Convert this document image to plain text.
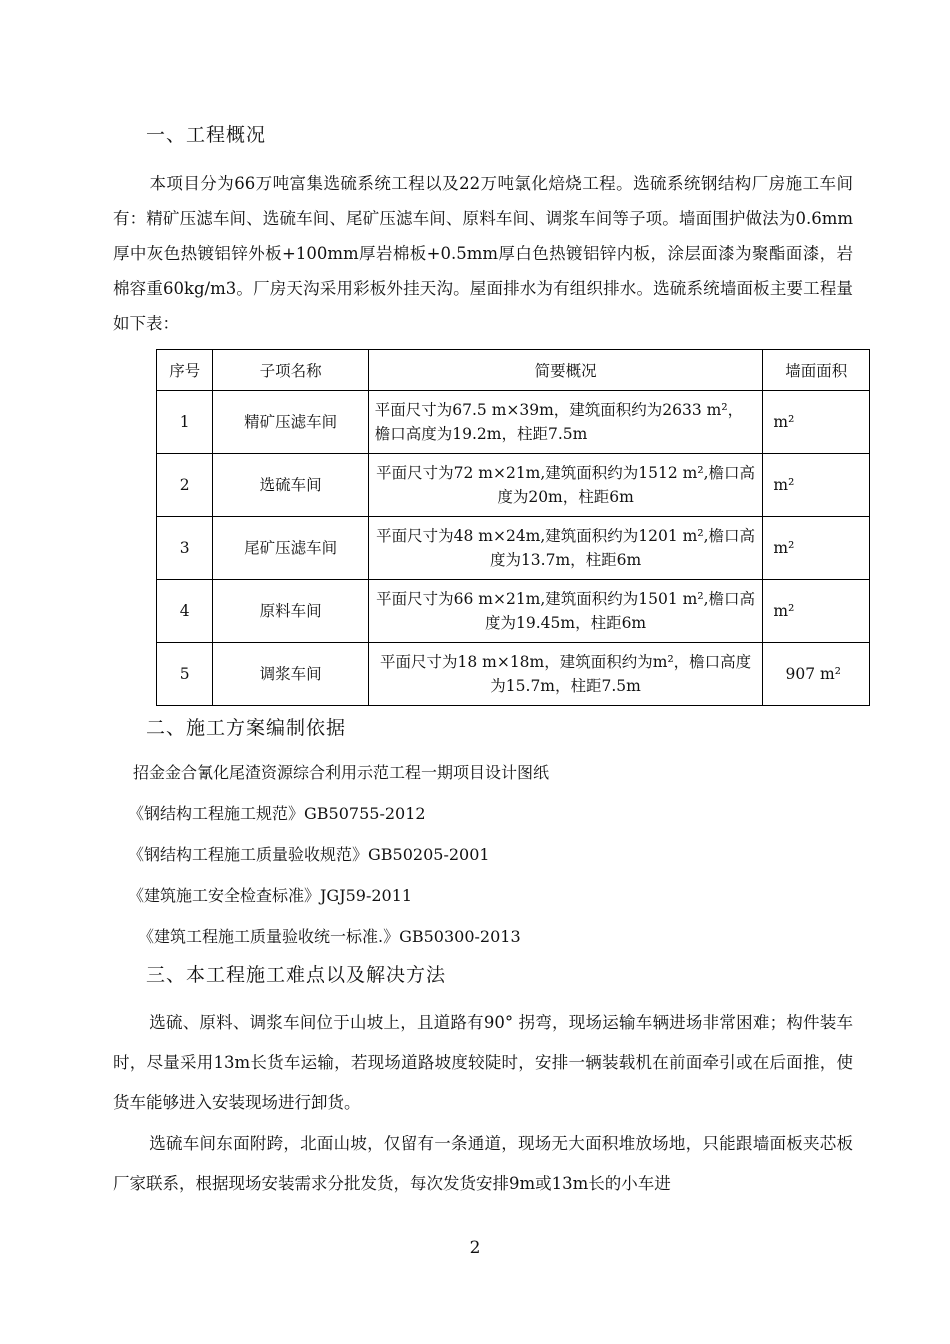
一、工程概况
本项目分为66万吨富集选硫系统工程以及22万吨氯化焙烧工程。选硫系统钢结构厂房施工车间有：精矿压滤车间、选硫车间、尾矿压滤车间、原料车间、调浆车间等子项。墙面围护做法为0.6mm厚中灰色热镀铝锌外板+100mm厚岩棉板+0.5mm厚白色热镀铝锌内板，涂层面漆为聚酯面漆，岩棉容重60kg/m3。厂房天沟采用彩板外挂天沟。屋面排水为有组织排水。选硫系统墙面板主要工程量如下表：
序号	子项名称	简要概况	墙面面积
1	精矿压滤车间	平面尺寸为67.5 m×39m，建筑面积约为2633 m²，檐口高度为19.2m，柱距7.5m	m²
2	选硫车间	平面尺寸为72 m×21m,建筑面积约为1512 m²,檐口高度为20m，柱距6m	m²
3	尾矿压滤车间	平面尺寸为48 m×24m,建筑面积约为1201 m²,檐口高度为13.7m，柱距6m	m²
4	原料车间	平面尺寸为66 m×21m,建筑面积约为1501 m²,檐口高度为19.45m，柱距6m	m²
5	调浆车间	平面尺寸为18 m×18m，建筑面积约为m²，檐口高度为15.7m，柱距7.5m	907 m²
二、施工方案编制依据
招金金合氰化尾渣资源综合利用示范工程一期项目设计图纸
《钢结构工程施工规范》GB50755-2012
《钢结构工程施工质量验收规范》GB50205-2001
《建筑施工安全检查标准》JGJ59-2011
《建筑工程施工质量验收统一标准.》GB50300-2013
三、本工程施工难点以及解决方法
选硫、原料、调浆车间位于山坡上，且道路有90° 拐弯，现场运输车辆进场非常困难；构件装车时，尽量采用13m长货车运输，若现场道路坡度较陡时，安排一辆装载机在前面牵引或在后面推，使货车能够进入安装现场进行卸货。
选硫车间东面附跨，北面山坡，仅留有一条通道，现场无大面积堆放场地，只能跟墙面板夹芯板厂家联系，根据现场安装需求分批发货，每次发货安排9m或13m长的小车进
2
